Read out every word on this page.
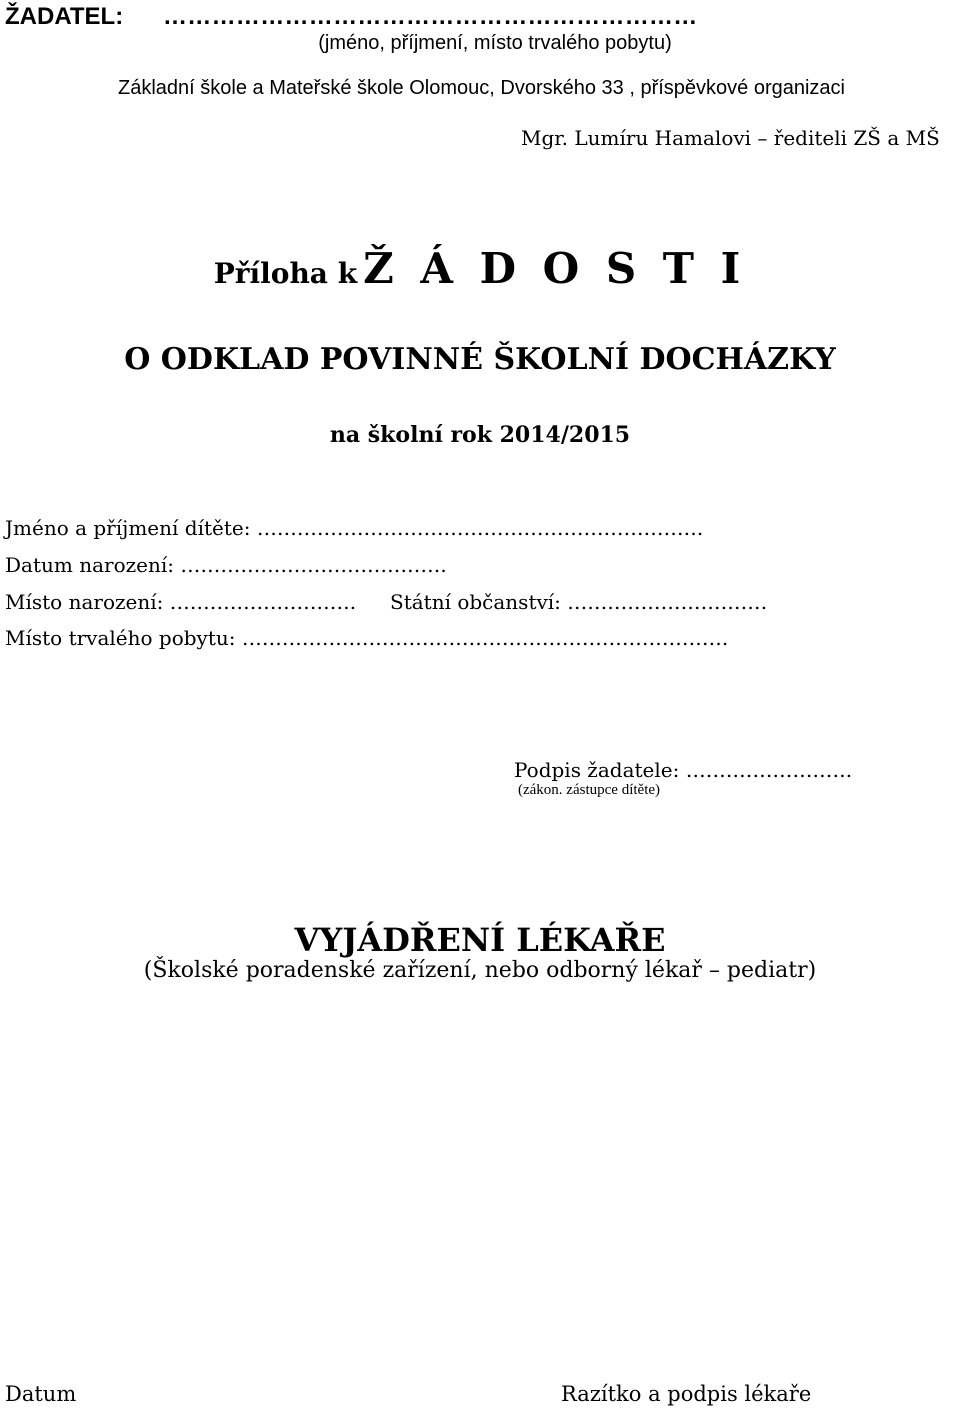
ŽADATEL: …………………………………………………………
(jméno, příjmení, místo trvalého pobytu)
Základní škole a Mateřské škole Olomouc, Dvorského 33 , příspěvkové organizaci
Mgr. Lumíru Hamalovi – řediteli ZŠ a MŠ
Příloha k Ž Á D O S T I
O ODKLAD POVINNÉ ŠKOLNÍ DOCHÁZKY
na školní rok 2014/2015
Jméno a příjmení dítěte: ………………………………………………………….
Datum narození: ………………………………….
Místo narození: ………………………. Státní občanství: …………………………
Místo trvalého pobytu: ……………………………………………………………….
Podpis žadatele: …………………….
(zákon. zástupce dítěte)
VYJÁDŘENÍ LÉKAŘE
(Školské poradenské zařízení, nebo odborný lékař – pediatr)
Datum	Razítko a podpis lékaře
